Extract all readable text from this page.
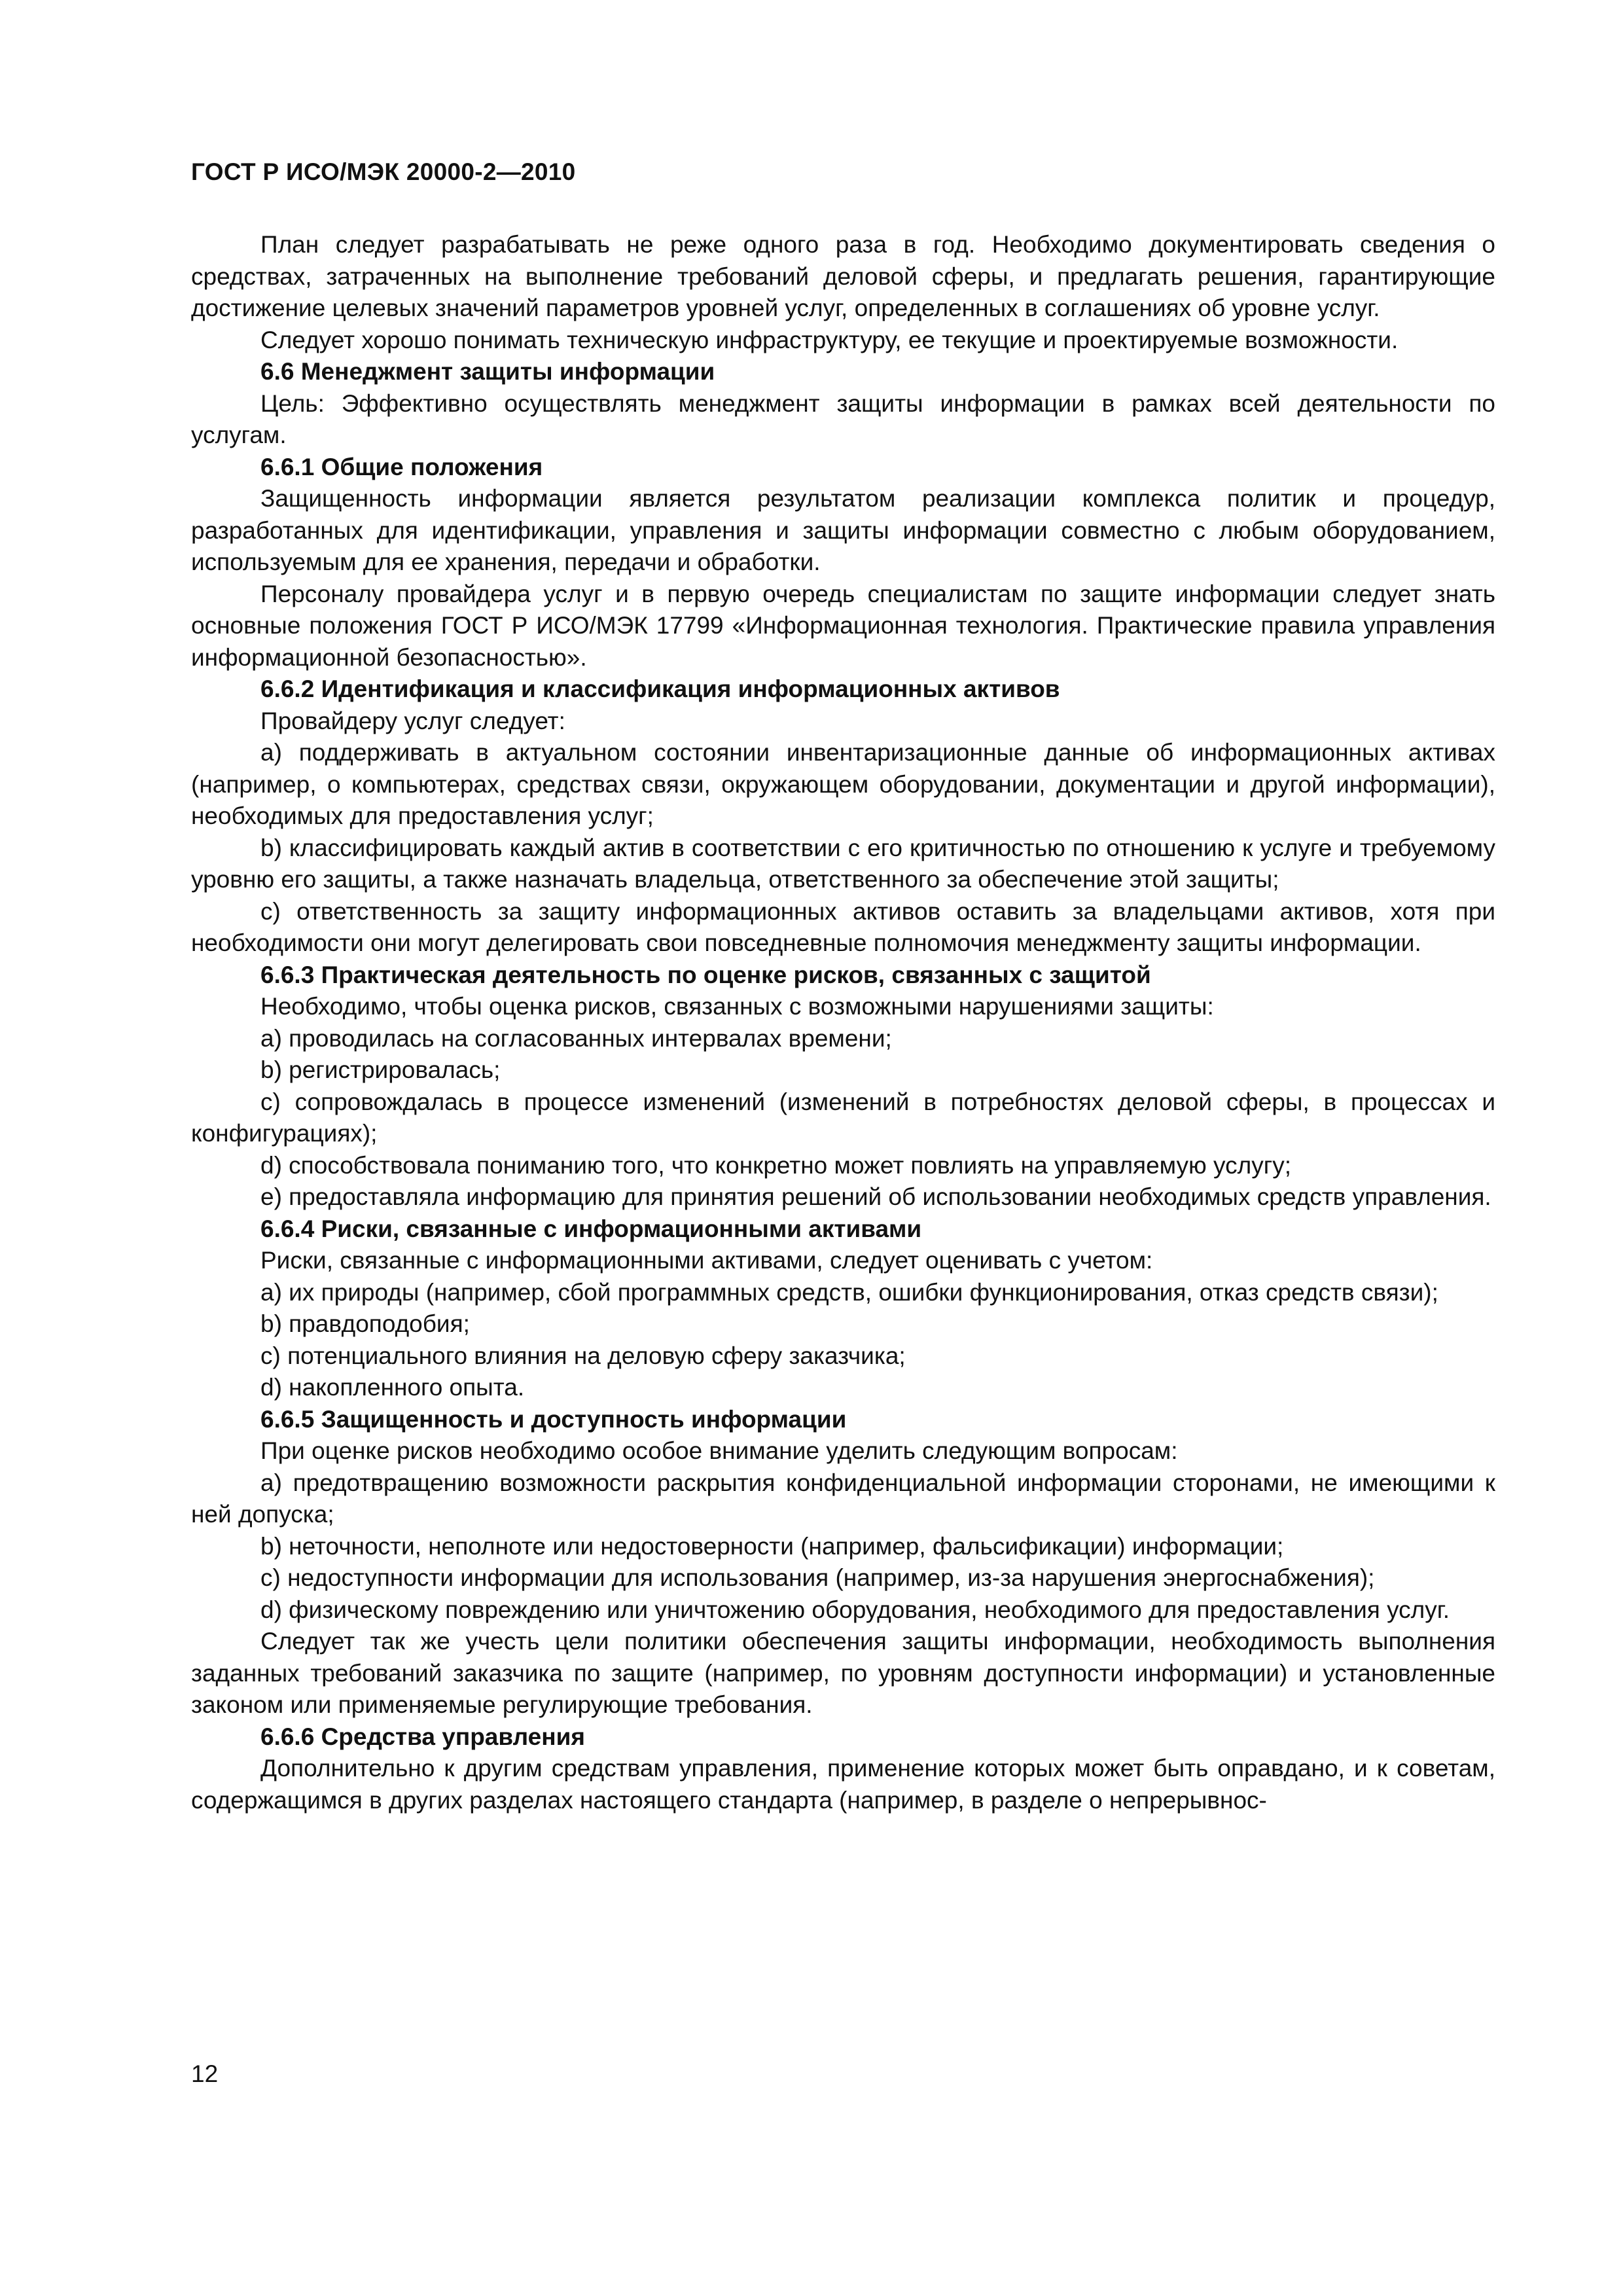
ГОСТ Р ИСО/МЭК 20000-2—2010

План следует разрабатывать не реже одного раза в год. Необходимо документировать сведения о средствах, затраченных на выполнение требований деловой сферы, и предлагать решения, гарантирующие достижение целевых значений параметров уровней услуг, определенных в соглашениях об уровне услуг.

Следует хорошо понимать техническую инфраструктуру, ее текущие и проектируемые возможности.

6.6 Менеджмент защиты информации

Цель: Эффективно осуществлять менеджмент защиты информации в рамках всей деятельности по услугам.

6.6.1 Общие положения

Защищенность информации является результатом реализации комплекса политик и процедур, разработанных для идентификации, управления и защиты информации совместно с любым оборудованием, используемым для ее хранения, передачи и обработки.

Персоналу провайдера услуг и в первую очередь специалистам по защите информации следует знать основные положения ГОСТ Р ИСО/МЭК 17799 «Информационная технология. Практические правила управления информационной безопасностью».

6.6.2 Идентификация и классификация информационных активов

Провайдеру услуг следует:

a) поддерживать в актуальном состоянии инвентаризационные данные об информационных активах (например, о компьютерах, средствах связи, окружающем оборудовании, документации и другой информации), необходимых для предоставления услуг;

b) классифицировать каждый актив в соответствии с его критичностью по отношению к услуге и требуемому уровню его защиты, а также назначать владельца, ответственного за обеспечение этой защиты;

c) ответственность за защиту информационных активов оставить за владельцами активов, хотя при необходимости они могут делегировать свои повседневные полномочия менеджменту защиты информации.

6.6.3 Практическая деятельность по оценке рисков, связанных с защитой

Необходимо, чтобы оценка рисков, связанных с возможными нарушениями защиты:

a) проводилась на согласованных интервалах времени;

b) регистрировалась;

c) сопровождалась в процессе изменений (изменений в потребностях деловой сферы, в процессах и конфигурациях);

d) способствовала пониманию того, что конкретно может повлиять на управляемую услугу;

e) предоставляла информацию для принятия решений об использовании необходимых средств управления.

6.6.4 Риски, связанные с информационными активами

Риски, связанные с информационными активами, следует оценивать с учетом:

a) их природы (например, сбой программных средств, ошибки функционирования, отказ средств связи);

b) правдоподобия;

c) потенциального влияния на деловую сферу заказчика;

d) накопленного опыта.

6.6.5 Защищенность и доступность информации

При оценке рисков необходимо особое внимание уделить следующим вопросам:

a) предотвращению возможности раскрытия конфиденциальной информации сторонами, не имеющими к ней допуска;

b) неточности, неполноте или недостоверности (например, фальсификации) информации;

c) недоступности информации для использования (например, из-за нарушения энергоснабжения);

d) физическому повреждению или уничтожению оборудования, необходимого для предоставления услуг.

Следует так же учесть цели политики обеспечения защиты информации, необходимость выполнения заданных требований заказчика по защите (например, по уровням доступности информации) и установленные законом или применяемые регулирующие требования.

6.6.6 Средства управления

Дополнительно к другим средствам управления, применение которых может быть оправдано, и к советам, содержащимся в других разделах настоящего стандарта (например, в разделе о непрерывнос-

12
